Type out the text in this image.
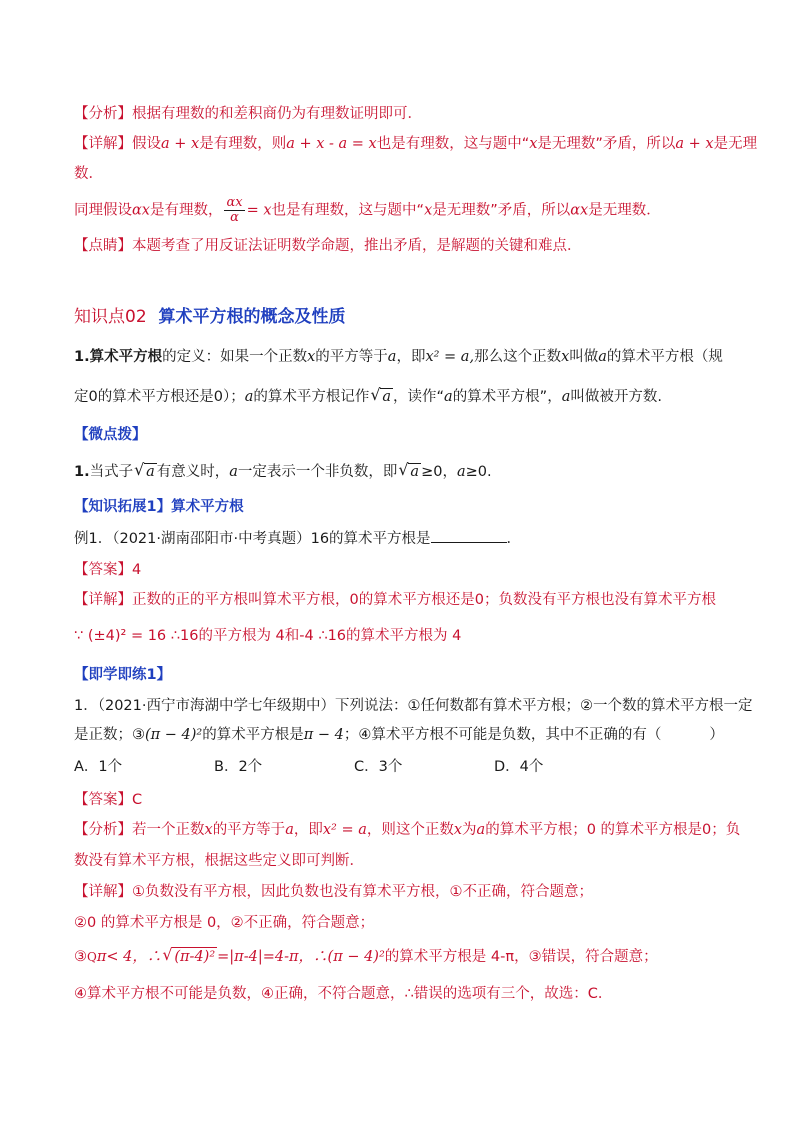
【分析】根据有理数的和差积商仍为有理数证明即可．
【详解】假设a + x是有理数，则a + x - a = x也是有理数，这与题中“x是无理数”矛盾，所以a + x是无理
数．
同理假设αx是有理数， $\frac{\alpha x}{\alpha} = x$也是有理数，这与题中“x是无理数”矛盾，所以αx是无理数．
【点睛】本题考查了用反证法证明数学命题，推出矛盾，是解题的关键和难点．
知识点02 算术平方根的概念及性质
1.算术平方根的定义：如果一个正数x的平方等于a，即x² = a,那么这个正数x叫做a的算术平方根（规
定0的算术平方根还是0）；a的算术平方根记作 √ a ，读作“a的算术平方根”，a叫做被开方数.
【微点拨】
1.当式子 √ a 有意义时，a一定表示一个非负数，即 √ a ≥0，a≥0.
【知识拓展1】算术平方根
例1．（2021·湖南邵阳市·中考真题）16的算术平方根是	．
【答案】4
【详解】正数的正的平方根叫算术平方根，0的算术平方根还是0；负数没有平方根也没有算术平方根
∵ (±4)² = 16 ∴16的平方根为 4和-4 ∴16的算术平方根为 4
【即学即练1】
1．（2021·西宁市海湖中学七年级期中）下列说法：①任何数都有算术平方根；②一个数的算术平方根一定
是正数；③(π − 4)²的算术平方根是π − 4；④算术平方根不可能是负数，其中不正确的有（	）
A．1个	B．2个	C．3个	D．4个
【答案】C
【分析】若一个正数x的平方等于a，即x² = a，则这个正数x为a的算术平方根；0 的算术平方根是0；负
数没有算术平方根，根据这些定义即可判断．
【详解】①负数没有平方根，因此负数也没有算术平方根，①不正确，符合题意；
②0 的算术平方根是 0，②不正确，符合题意；
③Qπ< 4，∴ √ (π-4)² =|π-4|=4-π，∴(π − 4)²的算术平方根是 4-π，③错误，符合题意；
④算术平方根不可能是负数，④正确，不符合题意，∴错误的选项有三个，故选：C．
